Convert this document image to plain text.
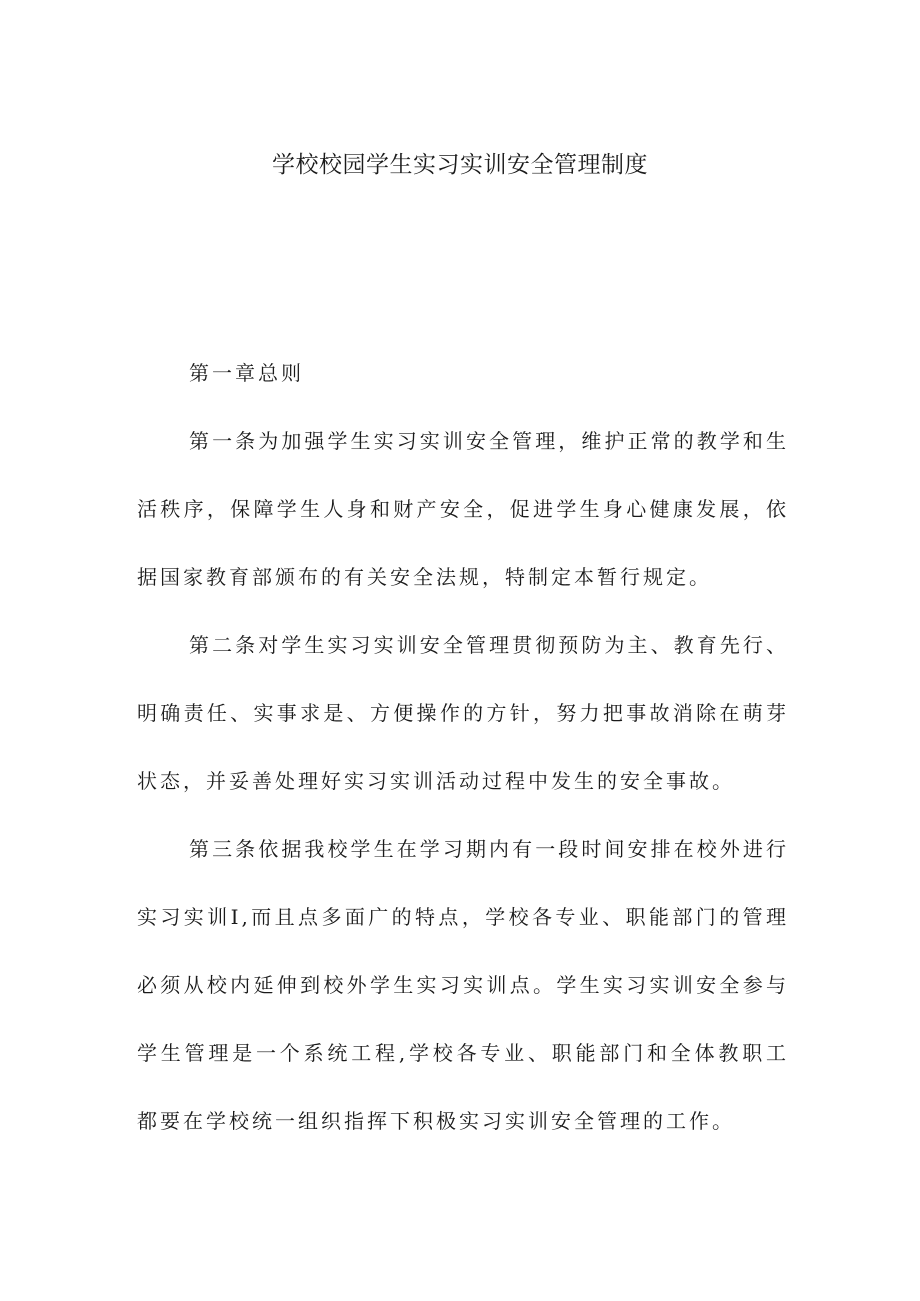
学校校园学生实习实训安全管理制度

第一章总则

第一条为加强学生实习实训安全管理，维护正常的教学和生活秩序，保障学生人身和财产安全，促进学生身心健康发展，依据国家教育部颁布的有关安全法规，特制定本暂行规定。

第二条对学生实习实训安全管理贯彻预防为主、教育先行、明确责任、实事求是、方便操作的方针，努力把事故消除在萌芽状态，并妥善处理好实习实训活动过程中发生的安全事故。

第三条依据我校学生在学习期内有一段时间安排在校外进行实习实训I,而且点多面广的特点，学校各专业、职能部门的管理必须从校内延伸到校外学生实习实训点。学生实习实训安全参与学生管理是一个系统工程,学校各专业、职能部门和全体教职工都要在学校统一组织指挥下积极实习实训安全管理的工作。
